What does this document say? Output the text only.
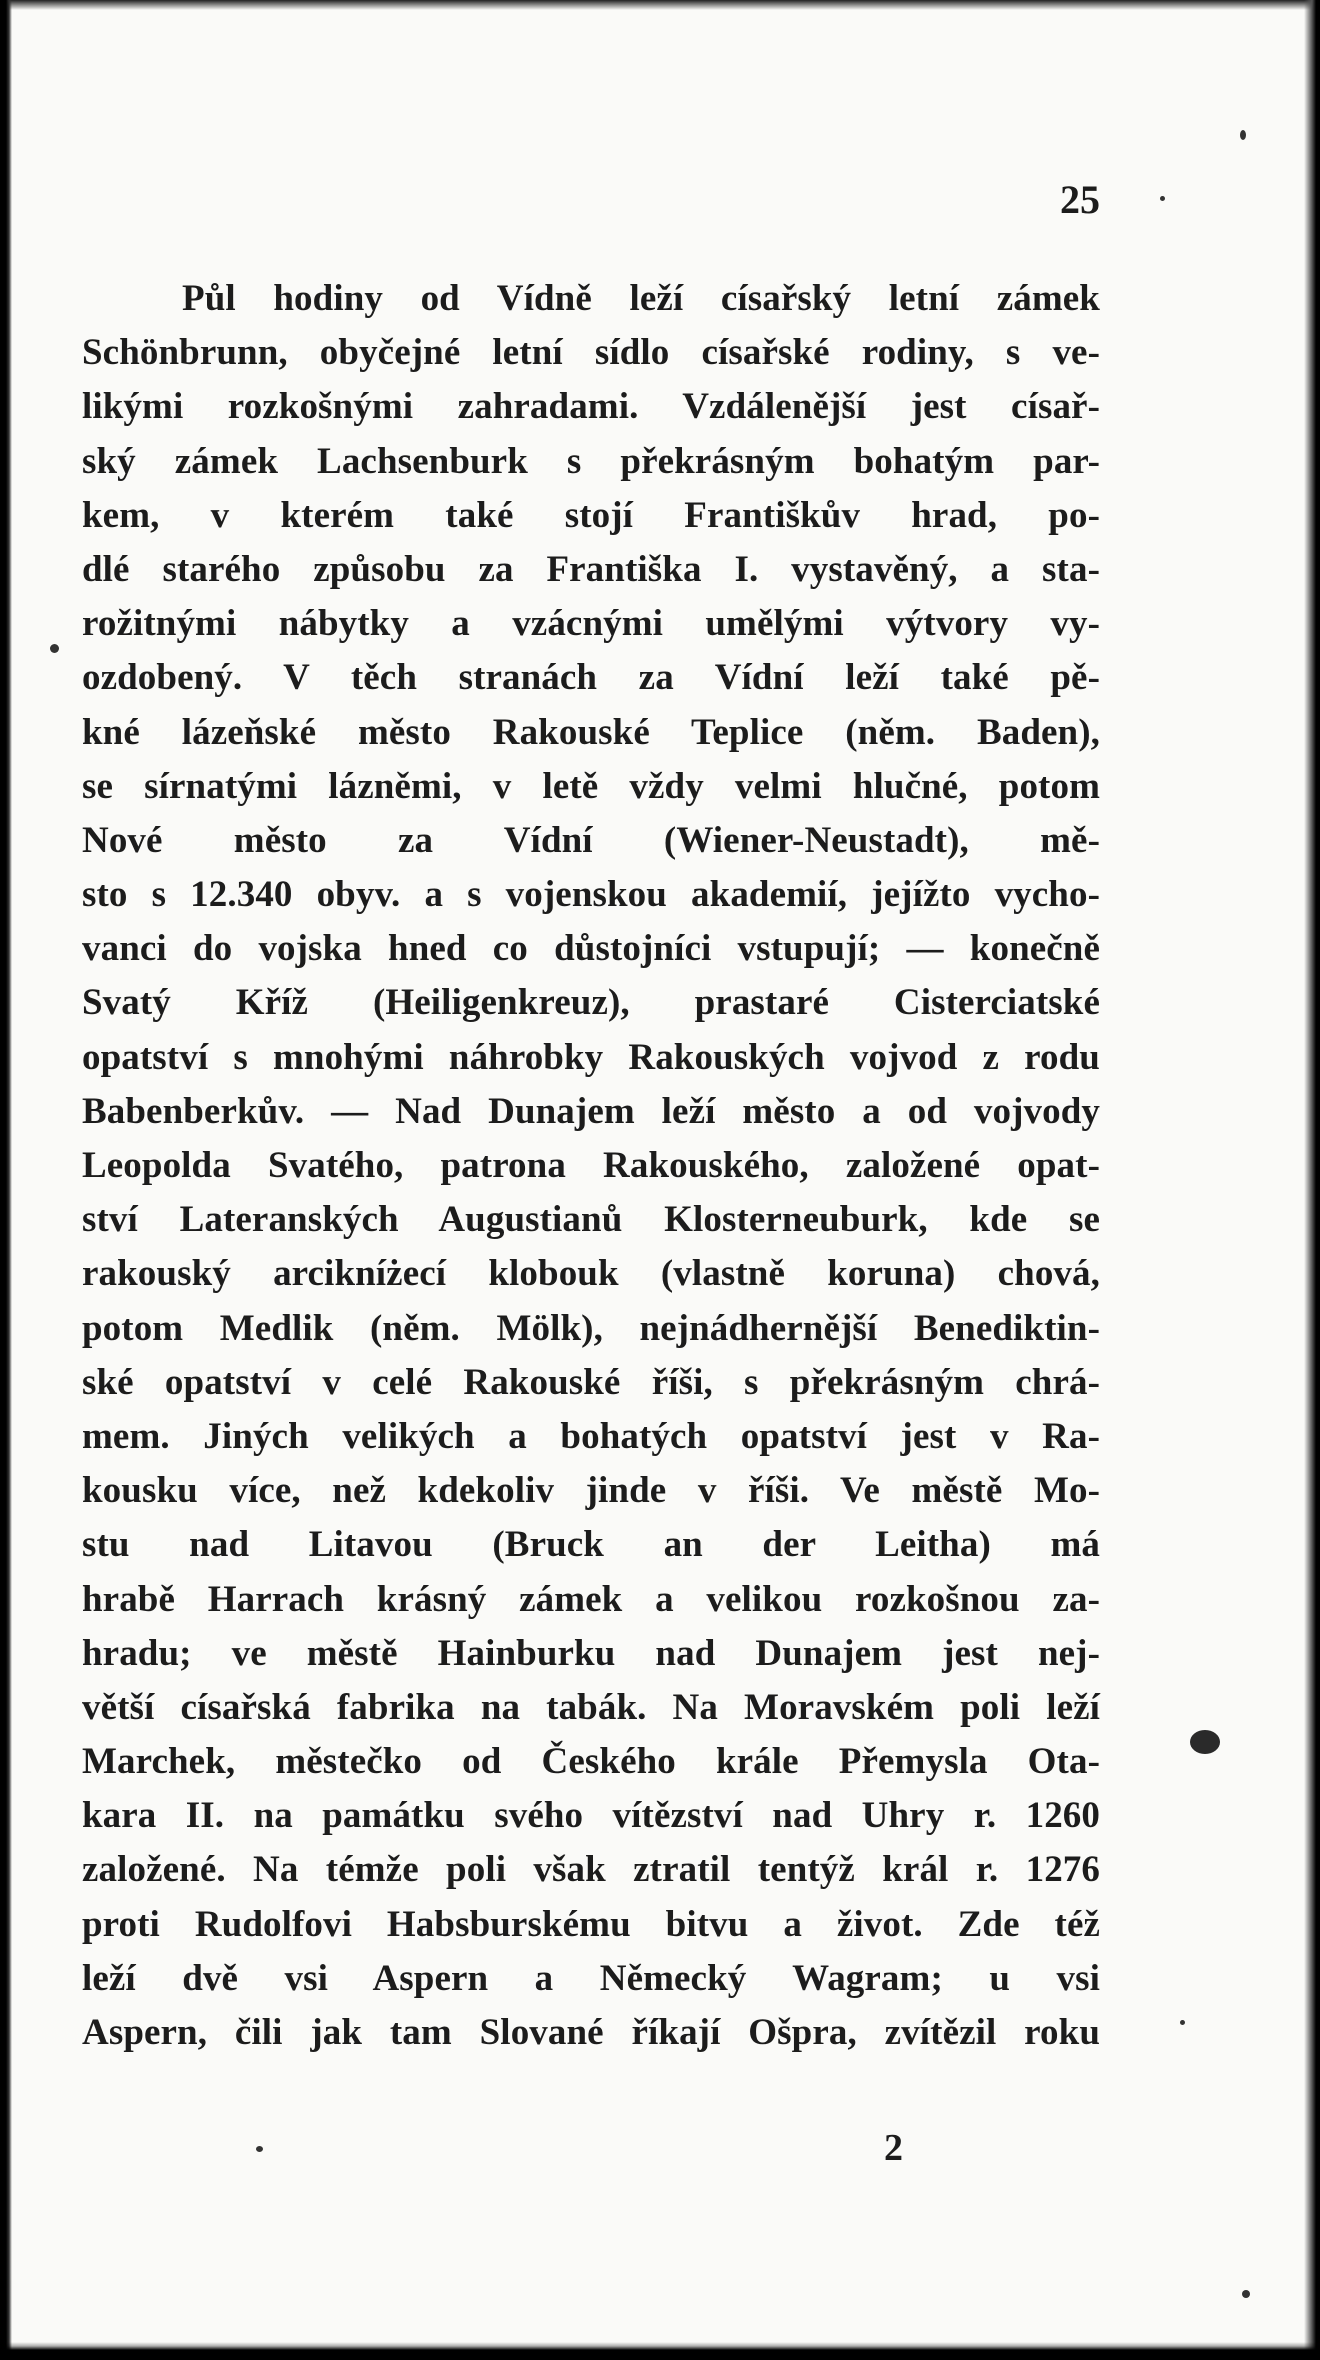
25
Půl hodiny od Vídně leží císařský letní zámek
Schönbrunn, obyčejné letní sídlo císařské rodiny, s ve-
likými rozkošnými zahradami. Vzdálenější jest císař-
ský zámek Lachsenburk s překrásným bohatým par-
kem, v kterém také stojí Františkův hrad, po-
dlé starého způsobu za Františka I. vystavěný, a sta-
rožitnými nábytky a vzácnými umělými výtvory vy-
ozdobený. V těch stranách za Vídní leží také pě-
kné lázeňské město Rakouské Teplice (něm. Baden),
se sírnatými lázněmi, v letě vždy velmi hlučné, potom
Nové město za Vídní (Wiener-Neustadt), mě-
sto s 12.340 obyv. a s vojenskou akademií, jejížto vycho-
vanci do vojska hned co důstojníci vstupují; — konečně
Svatý Kříž (Heiligenkreuz), prastaré Cisterciatské
opatství s mnohými náhrobky Rakouských vojvod z rodu
Babenberkův. — Nad Dunajem leží město a od vojvody
Leopolda Svatého, patrona Rakouského, založené opat-
ství Lateranských Augustianů Klosterneuburk, kde se
rakouský arcikníżecí klobouk (vlastně koruna) chová,
potom Medlik (něm. Mölk), nejnádhernější Benediktin-
ské opatství v celé Rakouské říši, s překrásným chrá-
mem. Jiných velikých a bohatých opatství jest v Ra-
kousku více, než kdekoliv jinde v říši. Ve městě Mo-
stu nad Litavou (Bruck an der Leitha) má
hrabě Harrach krásný zámek a velikou rozkošnou za-
hradu; ve městě Hainburku nad Dunajem jest nej-
větší císařská fabrika na tabák. Na Moravském poli leží
Marchek, městečko od Českého krále Přemysla Ota-
kara II. na památku svého vítězství nad Uhry r. 1260
založené. Na témže poli však ztratil tentýž král r. 1276
proti Rudolfovi Habsburskému bitvu a život. Zde též
leží dvě vsi Aspern a Německý Wagram; u vsi
Aspern, čili jak tam Slované říkají Ošpra, zvítězil roku
2
